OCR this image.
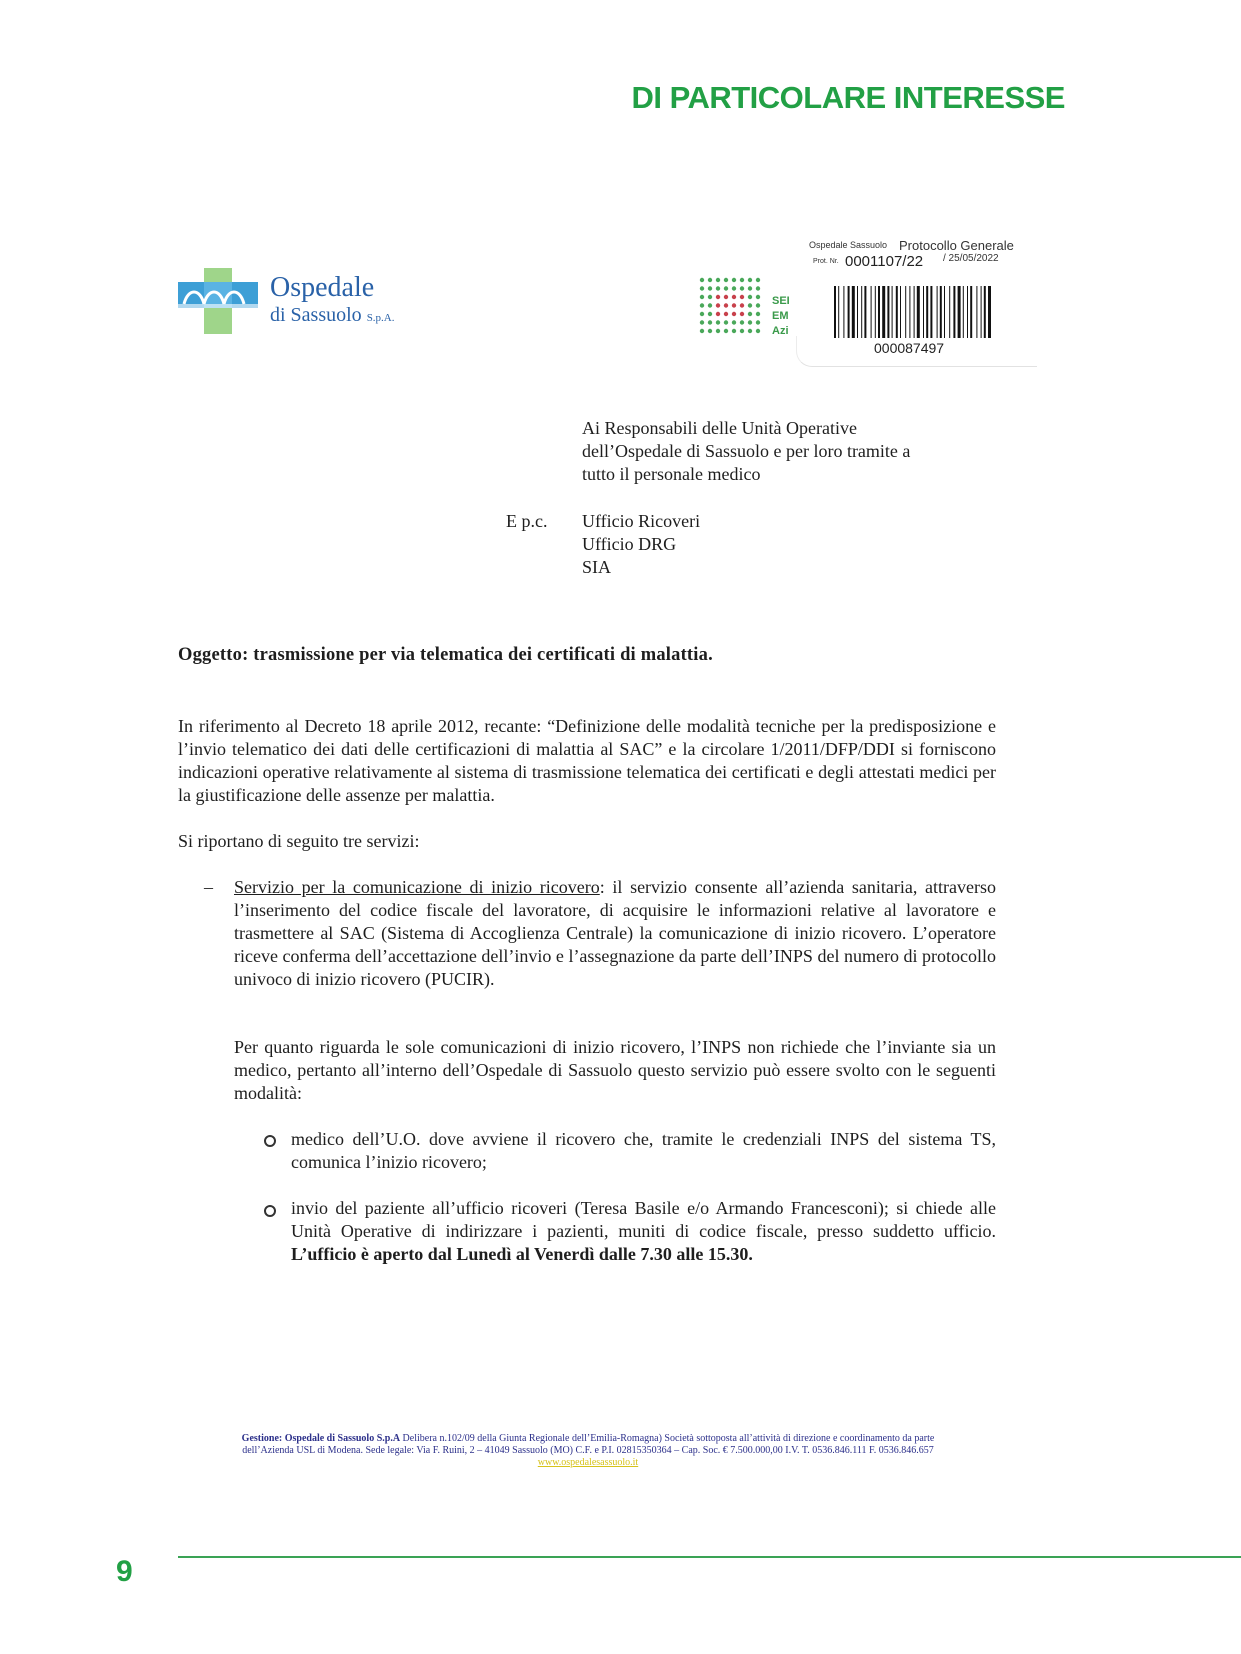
DI PARTICOLARE INTERESSE
Ospedale
di Sassuolo S.p.A.
SEI
EM
Azi
Ospedale Sassuolo Protocollo Generale
Prot. Nr. 0001107/22 / 25/05/2022
000087497
Ai Responsabili delle Unità Operative
dell’Ospedale di Sassuolo e per loro tramite a
tutto il personale medico
E p.c. Ufficio Ricoveri
Ufficio DRG
SIA
Oggetto: trasmissione per via telematica dei certificati di malattia.
In riferimento al Decreto 18 aprile 2012, recante: “Definizione delle modalità tecniche per la predisposizione e l’invio telematico dei dati delle certificazioni di malattia al SAC” e la circolare 1/2011/DFP/DDI si forniscono indicazioni operative relativamente al sistema di trasmissione telematica dei certificati e degli attestati medici per la giustificazione delle assenze per malattia.
Si riportano di seguito tre servizi:
– Servizio per la comunicazione di inizio ricovero: il servizio consente all’azienda sanitaria, attraverso l’inserimento del codice fiscale del lavoratore, di acquisire le informazioni relative al lavoratore e trasmettere al SAC (Sistema di Accoglienza Centrale) la comunicazione di inizio ricovero. L’operatore riceve conferma dell’accettazione dell’invio e l’assegnazione da parte dell’INPS del numero di protocollo univoco di inizio ricovero (PUCIR).
Per quanto riguarda le sole comunicazioni di inizio ricovero, l’INPS non richiede che l’inviante sia un medico, pertanto all’interno dell’Ospedale di Sassuolo questo servizio può essere svolto con le seguenti modalità:
medico dell’U.O. dove avviene il ricovero che, tramite le credenziali INPS del sistema TS, comunica l’inizio ricovero;
invio del paziente all’ufficio ricoveri (Teresa Basile e/o Armando Francesconi); si chiede alle Unità Operative di indirizzare i pazienti, muniti di codice fiscale, presso suddetto ufficio. L’ufficio è aperto dal Lunedì al Venerdì dalle 7.30 alle 15.30.
Gestione: Ospedale di Sassuolo S.p.A Delibera n.102/09 della Giunta Regionale dell’Emilia-Romagna) Società sottoposta all’attività di direzione e coordinamento da parte
dell’Azienda USL di Modena. Sede legale: Via F. Ruini, 2 – 41049 Sassuolo (MO) C.F. e P.I. 02815350364 – Cap. Soc. € 7.500.000,00 I.V. T. 0536.846.111 F. 0536.846.657
www.ospedalesassuolo.it
9
